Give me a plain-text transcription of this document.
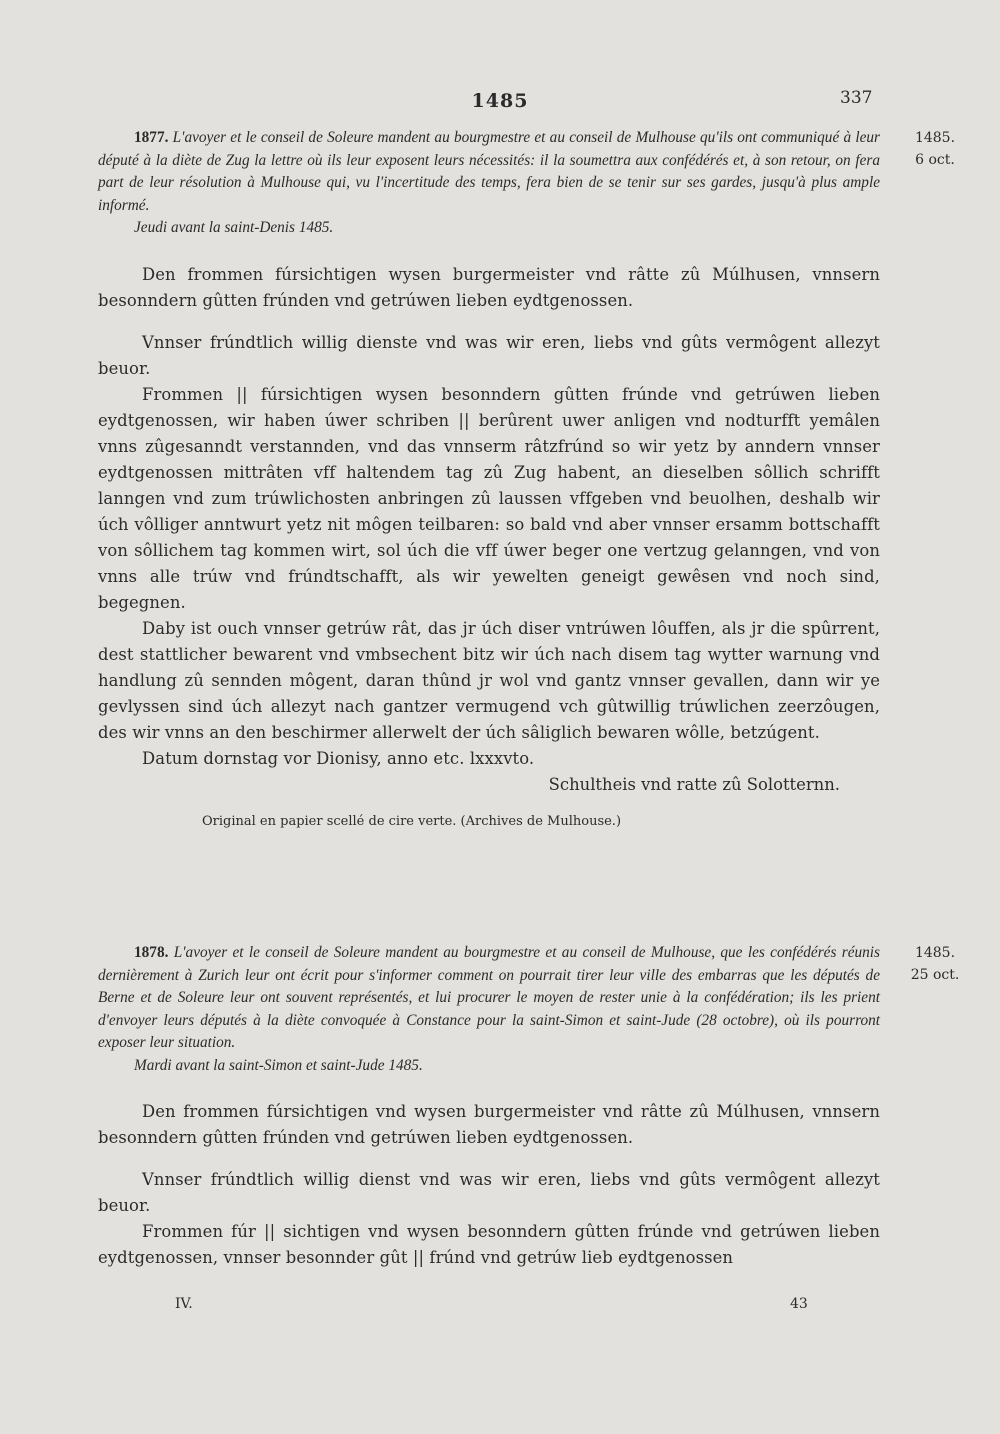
1485	337
1485.
6 oct.

1877. L'avoyer et le conseil de Soleure mandent au bourgmestre et au conseil de Mulhouse qu'ils ont communiqué à leur député à la diète de Zug la lettre où ils leur exposent leurs nécessités: il la soumettra aux confédérés et, à son retour, on fera part de leur résolution à Mulhouse qui, vu l'incertitude des temps, fera bien de se tenir sur ses gardes, jusqu'à plus ample informé.

Jeudi avant la saint-Denis 1485.

Den frommen fúrsichtigen wysen burgermeister vnd râtte zû Múlhusen, vnnsern besonndern gûtten frúnden vnd getrúwen lieben eydtgenossen.

Vnnser frúndtlich willig dienste vnd was wir eren, liebs vnd gûts vermôgent allezyt beuor.

Frommen || fúrsichtigen wysen besonndern gûtten frúnde vnd getrúwen lieben eydtgenossen, wir haben úwer schriben || berûrent uwer anligen vnd nodturfft yemâlen vnns zûgesanndt verstannden, vnd das vnnserm râtzfrúnd so wir yetz by anndern vnnser eydtgenossen mittrâten vff haltendem tag zû Zug habent, an dieselben sôllich schrifft lanngen vnd zum trúwlichosten anbringen zû laussen vffgeben vnd beuolhen, deshalb wir úch vôlliger anntwurt yetz nit môgen teilbaren: so bald vnd aber vnnser ersamm bottschafft von sôllichem tag kommen wirt, sol úch die vff úwer beger one vertzug gelanngen, vnd von vnns alle trúw vnd frúndtschafft, als wir yewelten geneigt gewêsen vnd noch sind, begegnen.

Daby ist ouch vnnser getrúw rât, das jr úch diser vntrúwen lôuffen, als jr die spûrrent, dest stattlicher bewarent vnd vmbsechent bitz wir úch nach disem tag wytter warnung vnd handlung zû sennden môgent, daran thûnd jr wol vnd gantz vnnser gevallen, dann wir ye gevlyssen sind úch allezyt nach gantzer vermugend vch gûtwillig trúwlichen zeerzôugen, des wir vnns an den beschirmer allerwelt der úch sâliglich bewaren wôlle, betzúgent.

Datum dornstag vor Dionisy, anno etc. lxxxvto.

Schultheis vnd ratte zû Solotternn.

Original en papier scellé de cire verte. (Archives de Mulhouse.)

1485.
25 oct.

1878. L'avoyer et le conseil de Soleure mandent au bourgmestre et au conseil de Mulhouse, que les confédérés réunis dernièrement à Zurich leur ont écrit pour s'informer comment on pourrait tirer leur ville des embarras que les députés de Berne et de Soleure leur ont souvent représentés, et lui procurer le moyen de rester unie à la confédération; ils les prient d'envoyer leurs députés à la diète convoquée à Constance pour la saint-Simon et saint-Jude (28 octobre), où ils pourront exposer leur situation.

Mardi avant la saint-Simon et saint-Jude 1485.

Den frommen fúrsichtigen vnd wysen burgermeister vnd râtte zû Múlhusen, vnnsern besonndern gûtten frúnden vnd getrúwen lieben eydtgenossen.

Vnnser frúndtlich willig dienst vnd was wir eren, liebs vnd gûts vermôgent allezyt beuor.

Frommen fúr || sichtigen vnd wysen besonndern gûtten frúnde vnd getrúwen lieben eydtgenossen, vnnser besonnder gût || frúnd vnd getrúw lieb eydtgenossen

IV.	43
